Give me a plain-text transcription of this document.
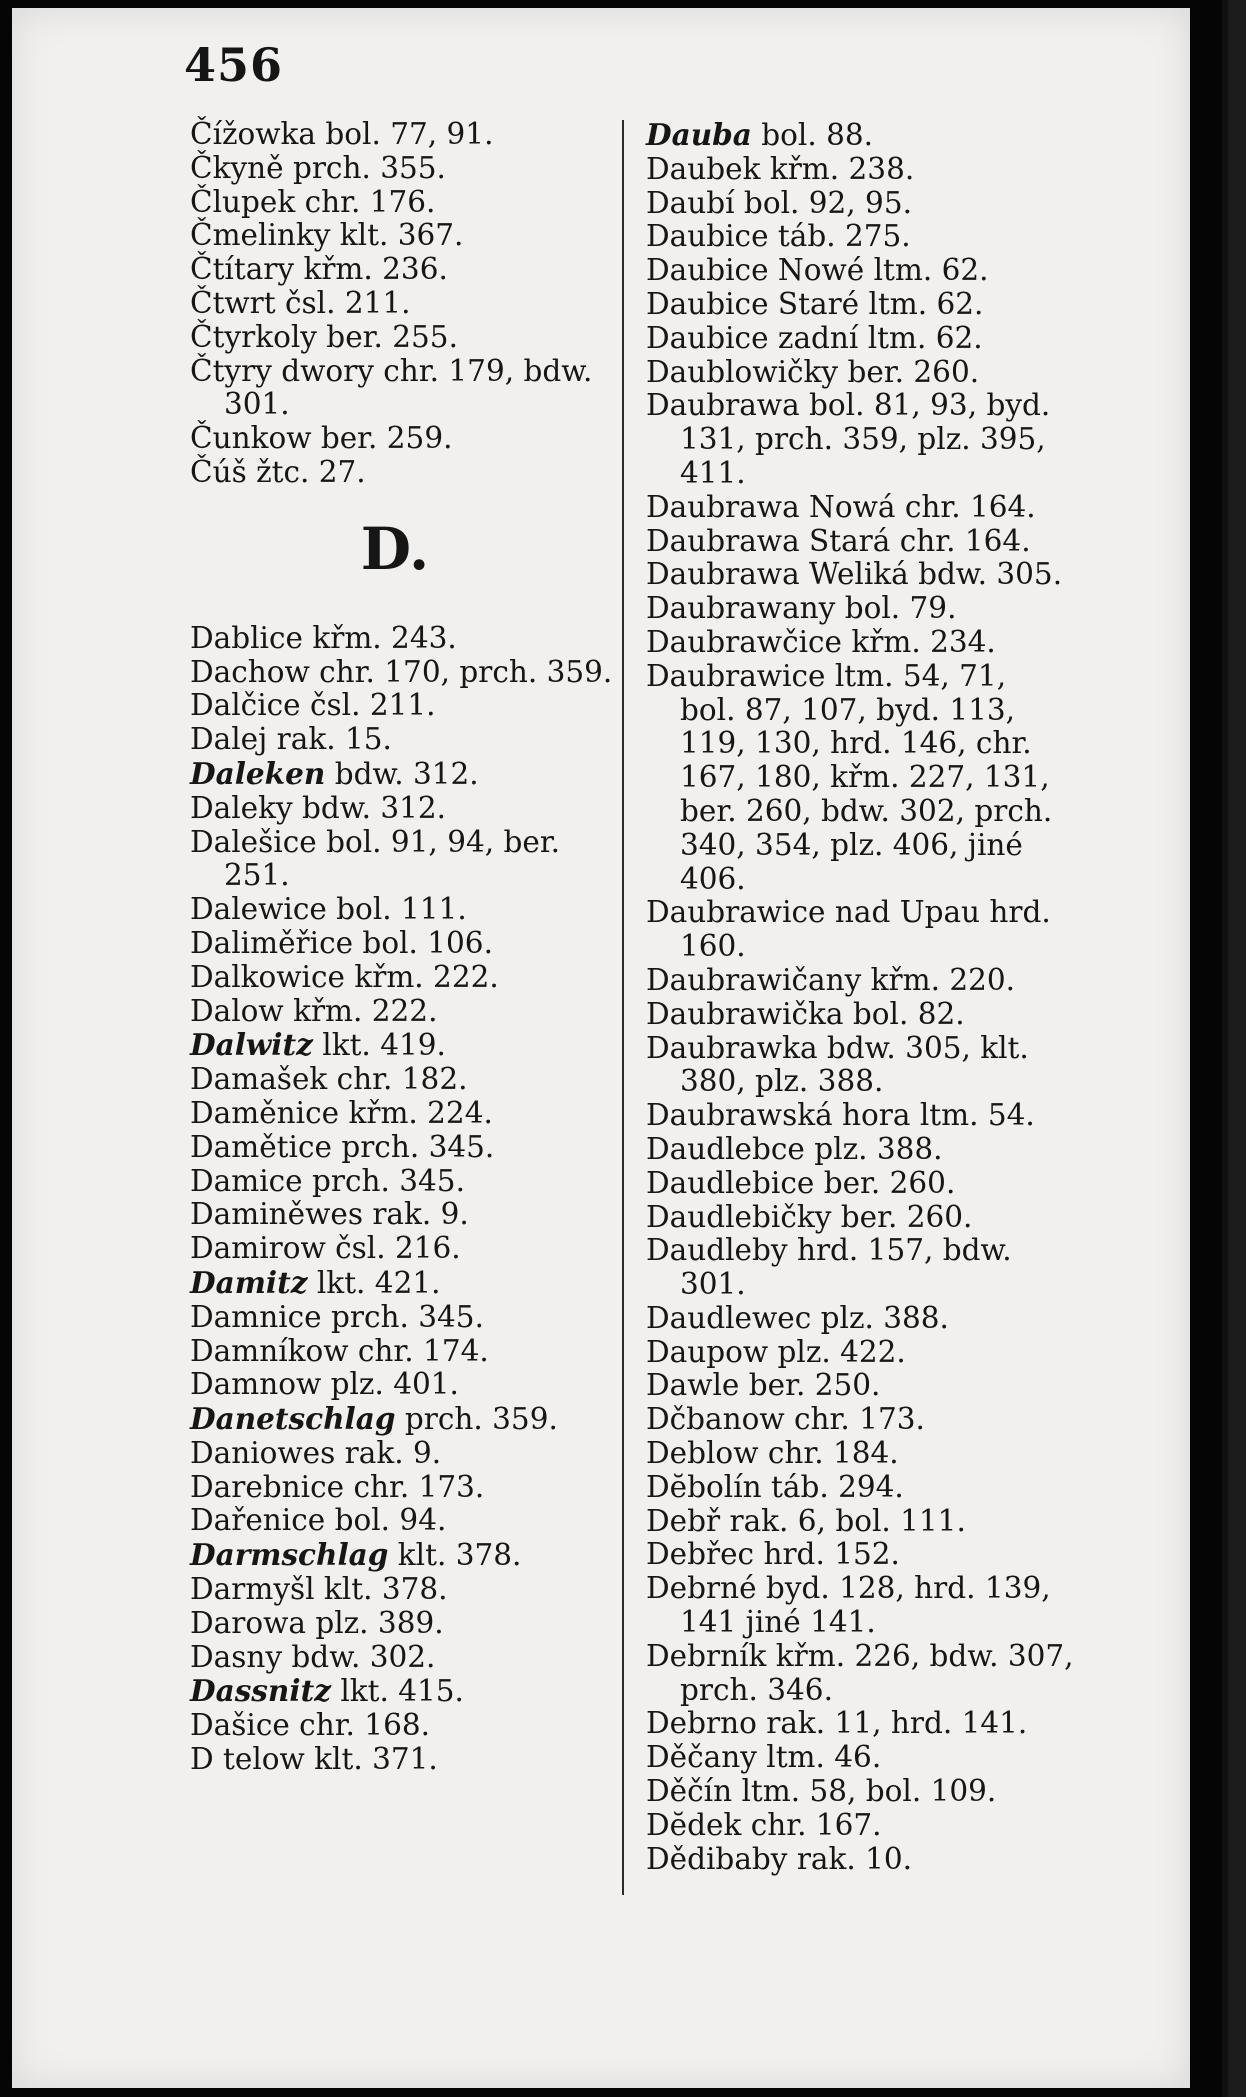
456
Čížowka bol. 77, 91.
Čkyně prch. 355.
Člupek chr. 176.
Čmelinky klt. 367.
Čtítary křm. 236.
Čtwrt čsl. 211.
Čtyrkoly ber. 255.
Čtyry dwory chr. 179, bdw.
301.
Čunkow ber. 259.
Čúš žtc. 27.
D.
Dablice křm. 243.
Dachow chr. 170, prch. 359.
Dalčice čsl. 211.
Dalej rak. 15.
Daleken bdw. 312.
Daleky bdw. 312.
Dalešice bol. 91, 94, ber.
251.
Dalewice bol. 111.
Daliměřice bol. 106.
Dalkowice křm. 222.
Dalow křm. 222.
Dalwitz lkt. 419.
Damašek chr. 182.
Daměnice křm. 224.
Damětice prch. 345.
Damice prch. 345.
Daminěwes rak. 9.
Damirow čsl. 216.
Damitz lkt. 421.
Damnice prch. 345.
Damníkow chr. 174.
Damnow plz. 401.
Danetschlag prch. 359.
Daniowes rak. 9.
Darebnice chr. 173.
Dařenice bol. 94.
Darmschlag klt. 378.
Darmyšl klt. 378.
Darowa plz. 389.
Dasny bdw. 302.
Dassnitz lkt. 415.
Dašice chr. 168.
D telow klt. 371.
Dauba bol. 88.
Daubek křm. 238.
Daubí bol. 92, 95.
Daubice táb. 275.
Daubice Nowé ltm. 62.
Daubice Staré ltm. 62.
Daubice zadní ltm. 62.
Daublowičky ber. 260.
Daubrawa bol. 81, 93, byd.
131, prch. 359, plz. 395,
411.
Daubrawa Nowá chr. 164.
Daubrawa Stará chr. 164.
Daubrawa Weliká bdw. 305.
Daubrawany bol. 79.
Daubrawčice křm. 234.
Daubrawice ltm. 54, 71,
bol. 87, 107, byd. 113,
119, 130, hrd. 146, chr.
167, 180, křm. 227, 131,
ber. 260, bdw. 302, prch.
340, 354, plz. 406, jiné
406.
Daubrawice nad Upau hrd.
160.
Daubrawičany křm. 220.
Daubrawička bol. 82.
Daubrawka bdw. 305, klt.
380, plz. 388.
Daubrawská hora ltm. 54.
Daudlebce plz. 388.
Daudlebice ber. 260.
Daudlebičky ber. 260.
Daudleby hrd. 157, bdw.
301.
Daudlewec plz. 388.
Daupow plz. 422.
Dawle ber. 250.
Dčbanow chr. 173.
Deblow chr. 184.
Dĕbolín táb. 294.
Debř rak. 6, bol. 111.
Debřec hrd. 152.
Debrné byd. 128, hrd. 139,
141 jiné 141.
Debrník křm. 226, bdw. 307,
prch. 346.
Debrno rak. 11, hrd. 141.
Děčany ltm. 46.
Děčín ltm. 58, bol. 109.
Dĕdek chr. 167.
Dědibaby rak. 10.
